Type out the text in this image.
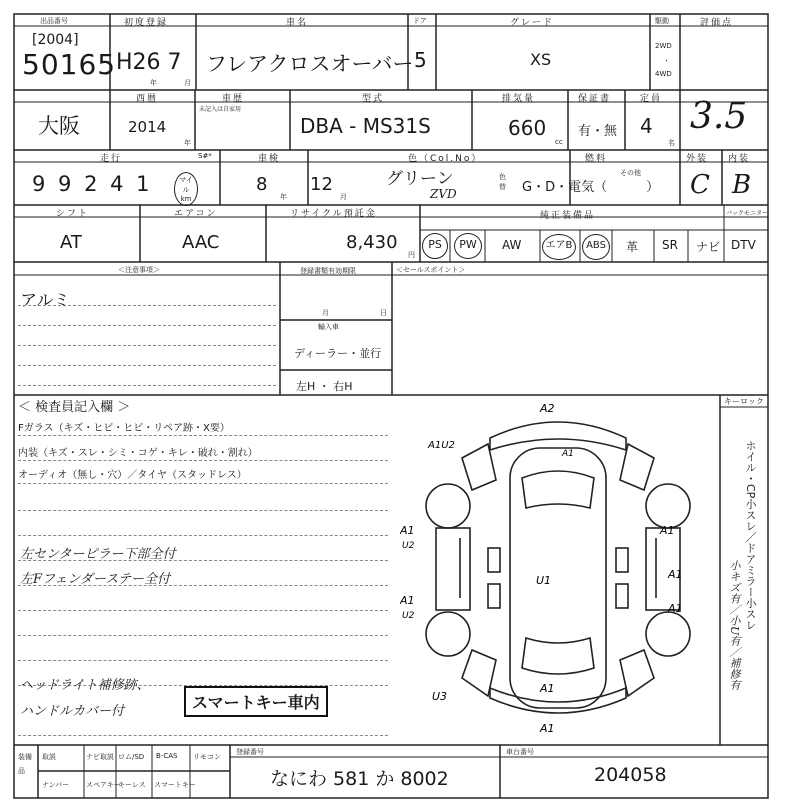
出品番号
[2004]
50165
初度登録
H26 7
年	月
車名
フレアクロスオーバー
ドア
5
グレード
XS
駆動
2WD
・
4WD
評価点
3.5
大阪
西暦
2014
年
車歴
未記入は自家用
型式
DBA - MS31S
排気量
660
cc
保証書
有・無
定員
4
名
走行
9 9 2 4 1	マイル km
S#*	車検
8
年
12
月
色（Col.No）
グリーン
ZVD
色替
燃料
G・D・電気（　　　）
その他
外装
C
内装
B
シフト
AT
エアコン
AAC
リサイクル預託金
8,430
円
純正装備品	バックモニター
PS	PW	AW	エアB	ABS	革 SR ナビ DTV
＜注意事項＞
アルミ
登録書類有効期限
月	日
輸入車
ディーラー・並行
左H ・ 右H
＜セールスポイント＞
＜ 検査員記入欄 ＞
Fガラス（キズ・ヒビ・ヒビ・リペア跡・X要）
内装（キズ・スレ・シミ・コゲ・キレ・破れ・割れ）
オーディオ（無し・穴）／タイヤ（スタッドレス）
左センターピラー下部全付
左Fフェンダーステー全付
ヘッドライト補修跡、
ハンドルカバー付	スマートキー車内
キーロック
ホイル・CP小スレ／ドアミラー小スレ
小キズ有／小U有／補修有
A2
A1U2
A1
U2
A1
A1
U1
A1
U2
A1
A1
U3
A1
A1
装備品
取説	ナビ取説 ロム/SD B-CAS リモコン
ナンバー スペアキー
キーレス スマートキー
登録番号
なにわ 581 か 8002
車台番号
204058
